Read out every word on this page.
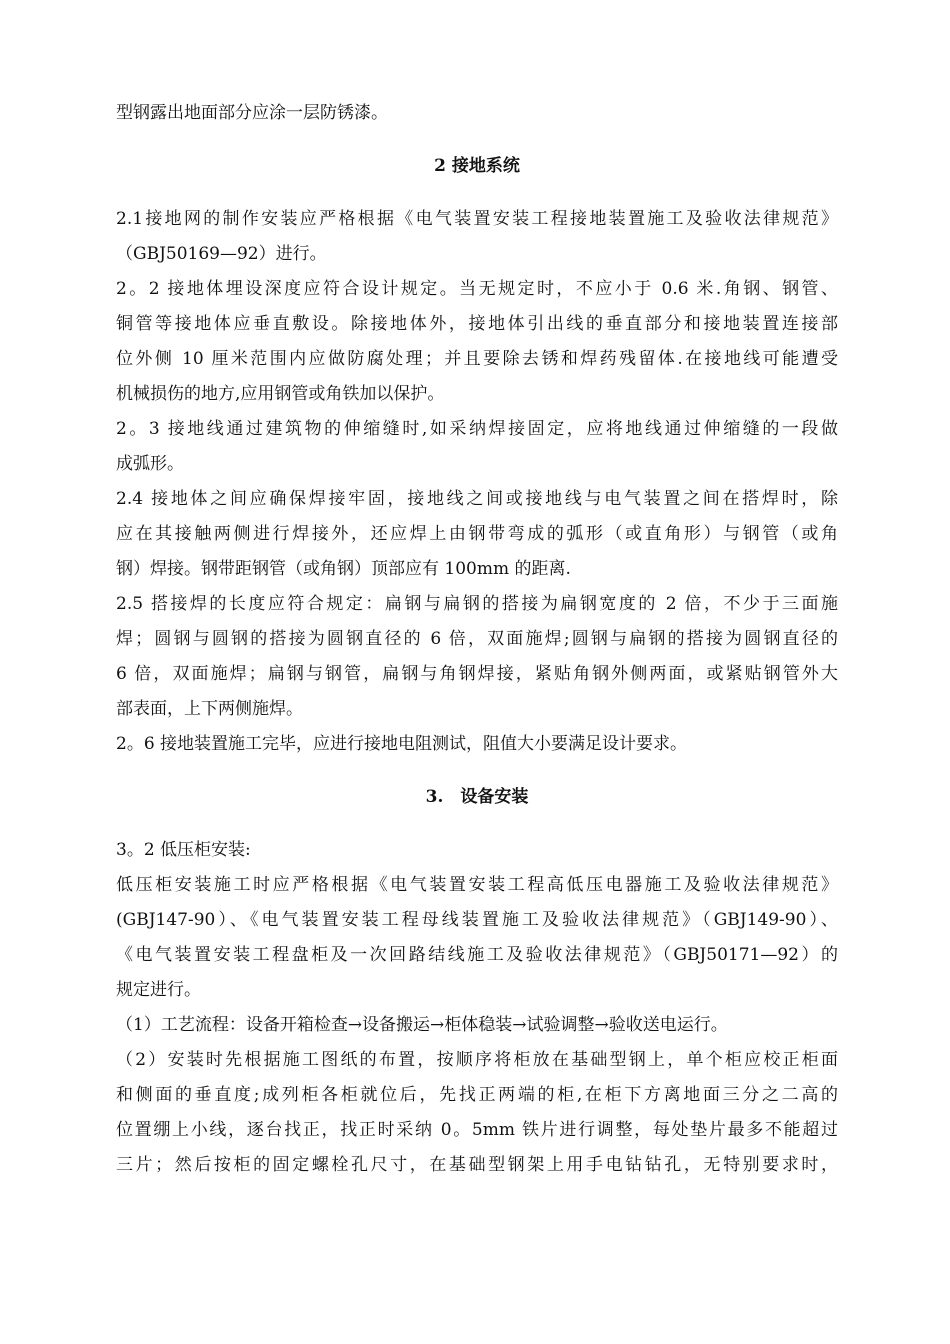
型钢露出地面部分应涂一层防锈漆。
2 接地系统
2.1接地网的制作安装应严格根据《电气装置安装工程接地装置施工及验收法律规范》
（GBJ50169—92）进行。
2。2 接地体埋设深度应符合设计规定。当无规定时，不应小于 0.6 米.角钢、钢管、
铜管等接地体应垂直敷设。除接地体外，接地体引出线的垂直部分和接地装置连接部
位外侧 10 厘米范围内应做防腐处理；并且要除去锈和焊药残留体.在接地线可能遭受
机械损伤的地方,应用钢管或角铁加以保护。
2。3 接地线通过建筑物的伸缩缝时,如采纳焊接固定，应将地线通过伸缩缝的一段做
成弧形。
2.4 接地体之间应确保焊接牢固，接地线之间或接地线与电气装置之间在搭焊时，除
应在其接触两侧进行焊接外，还应焊上由钢带弯成的弧形（或直角形）与钢管（或角
钢）焊接。钢带距钢管（或角钢）顶部应有 100mm 的距离.
2.5 搭接焊的长度应符合规定：扁钢与扁钢的搭接为扁钢宽度的 2 倍，不少于三面施
焊；圆钢与圆钢的搭接为圆钢直径的 6 倍，双面施焊;圆钢与扁钢的搭接为圆钢直径的
6 倍，双面施焊；扁钢与钢管，扁钢与角钢焊接，紧贴角钢外侧两面，或紧贴钢管外大
部表面，上下两侧施焊。
2。6 接地装置施工完毕，应进行接地电阻测试，阻值大小要满足设计要求。
3.　设备安装
3。2 低压柜安装:
低压柜安装施工时应严格根据《电气装置安装工程高低压电器施工及验收法律规范》
(GBJ147-90）、《电气装置安装工程母线装置施工及验收法律规范》（GBJ149-90）、
《电气装置安装工程盘柜及一次回路结线施工及验收法律规范》（GBJ50171—92）的
规定进行。
（1）工艺流程：设备开箱检查→设备搬运→柜体稳装→试验调整→验收送电运行。
（2）安装时先根据施工图纸的布置，按顺序将柜放在基础型钢上，单个柜应校正柜面
和侧面的垂直度;成列柜各柜就位后，先找正两端的柜,在柜下方离地面三分之二高的
位置绷上小线，逐台找正，找正时采纳 0。5mm 铁片进行调整，每处垫片最多不能超过
三片；然后按柜的固定螺栓孔尺寸，在基础型钢架上用手电钻钻孔，无特别要求时，
